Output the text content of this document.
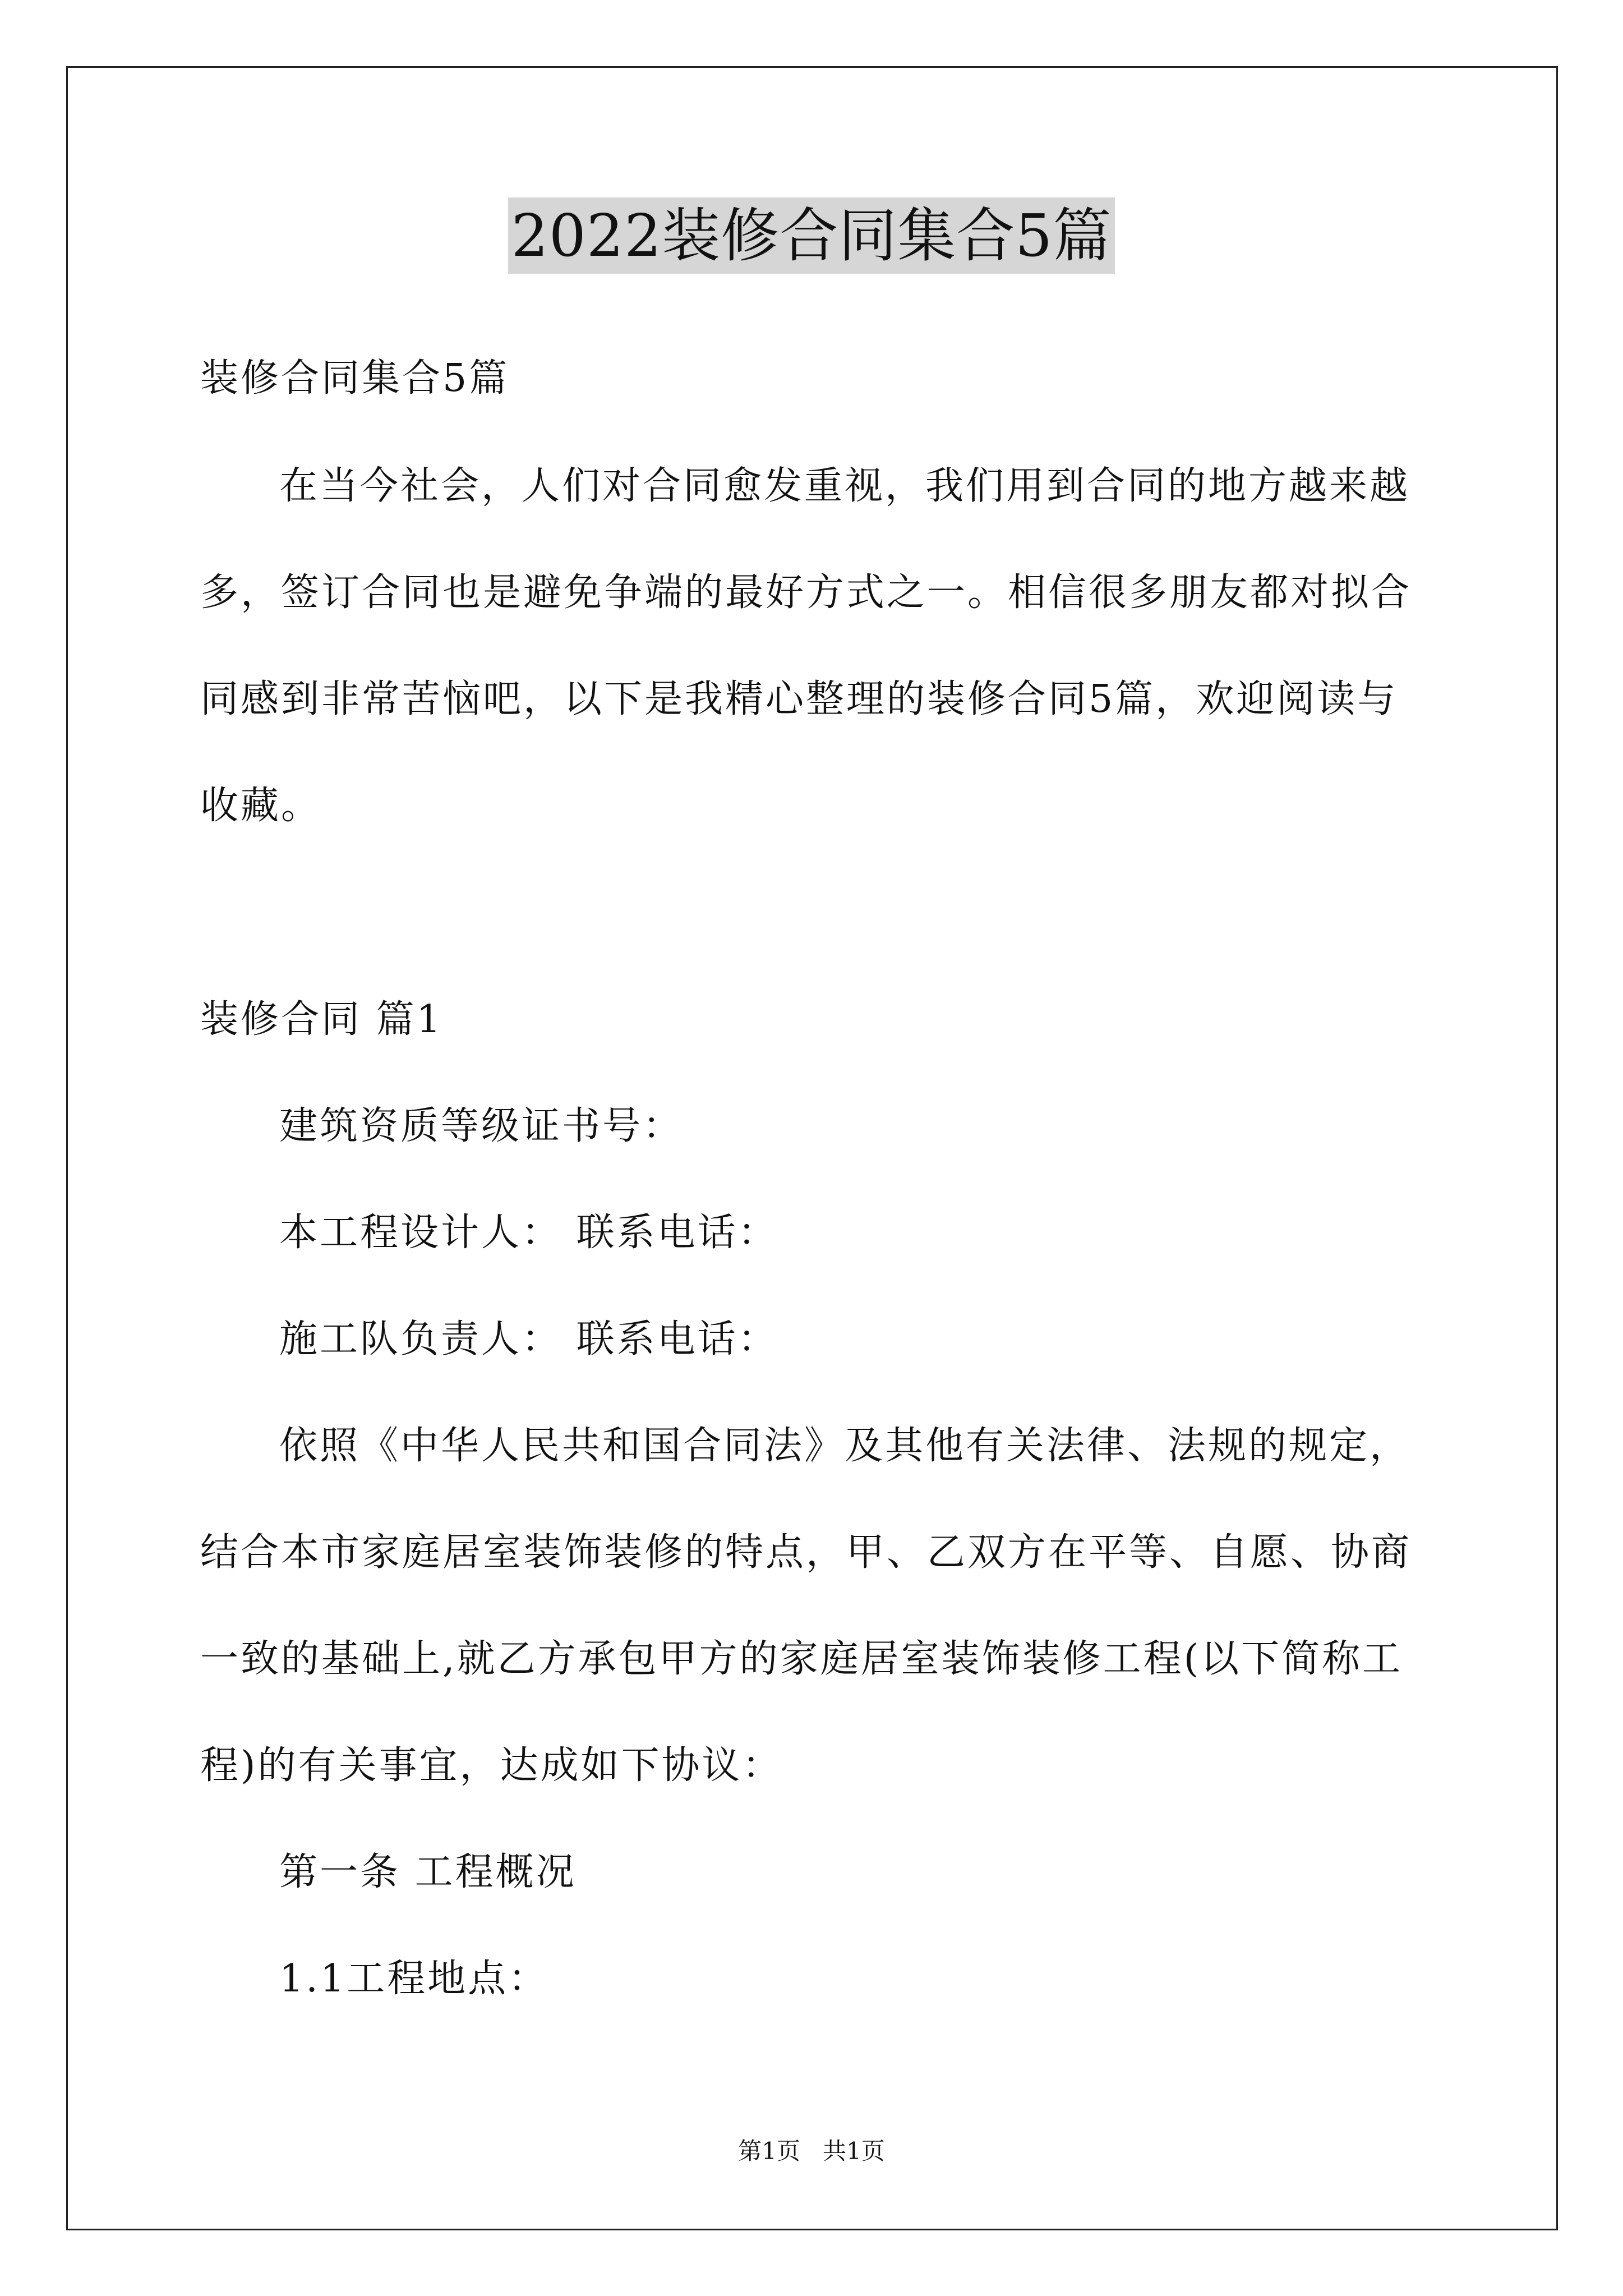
2022装修合同集合5篇
装修合同集合5篇
在当今社会，人们对合同愈发重视，我们用到合同的地方越来越
多，签订合同也是避免争端的最好方式之一。相信很多朋友都对拟合
同感到非常苦恼吧，以下是我精心整理的装修合同5篇，欢迎阅读与
收藏。
装修合同 篇1
建筑资质等级证书号：
本工程设计人： 联系电话：
施工队负责人： 联系电话：
依照《中华人民共和国合同法》及其他有关法律、法规的规定，
结合本市家庭居室装饰装修的特点，甲、乙双方在平等、自愿、协商
一致的基础上,就乙方承包甲方的家庭居室装饰装修工程(以下简称工
程)的有关事宜，达成如下协议：
第一条 工程概况
1.1工程地点：
第1页   共1页
